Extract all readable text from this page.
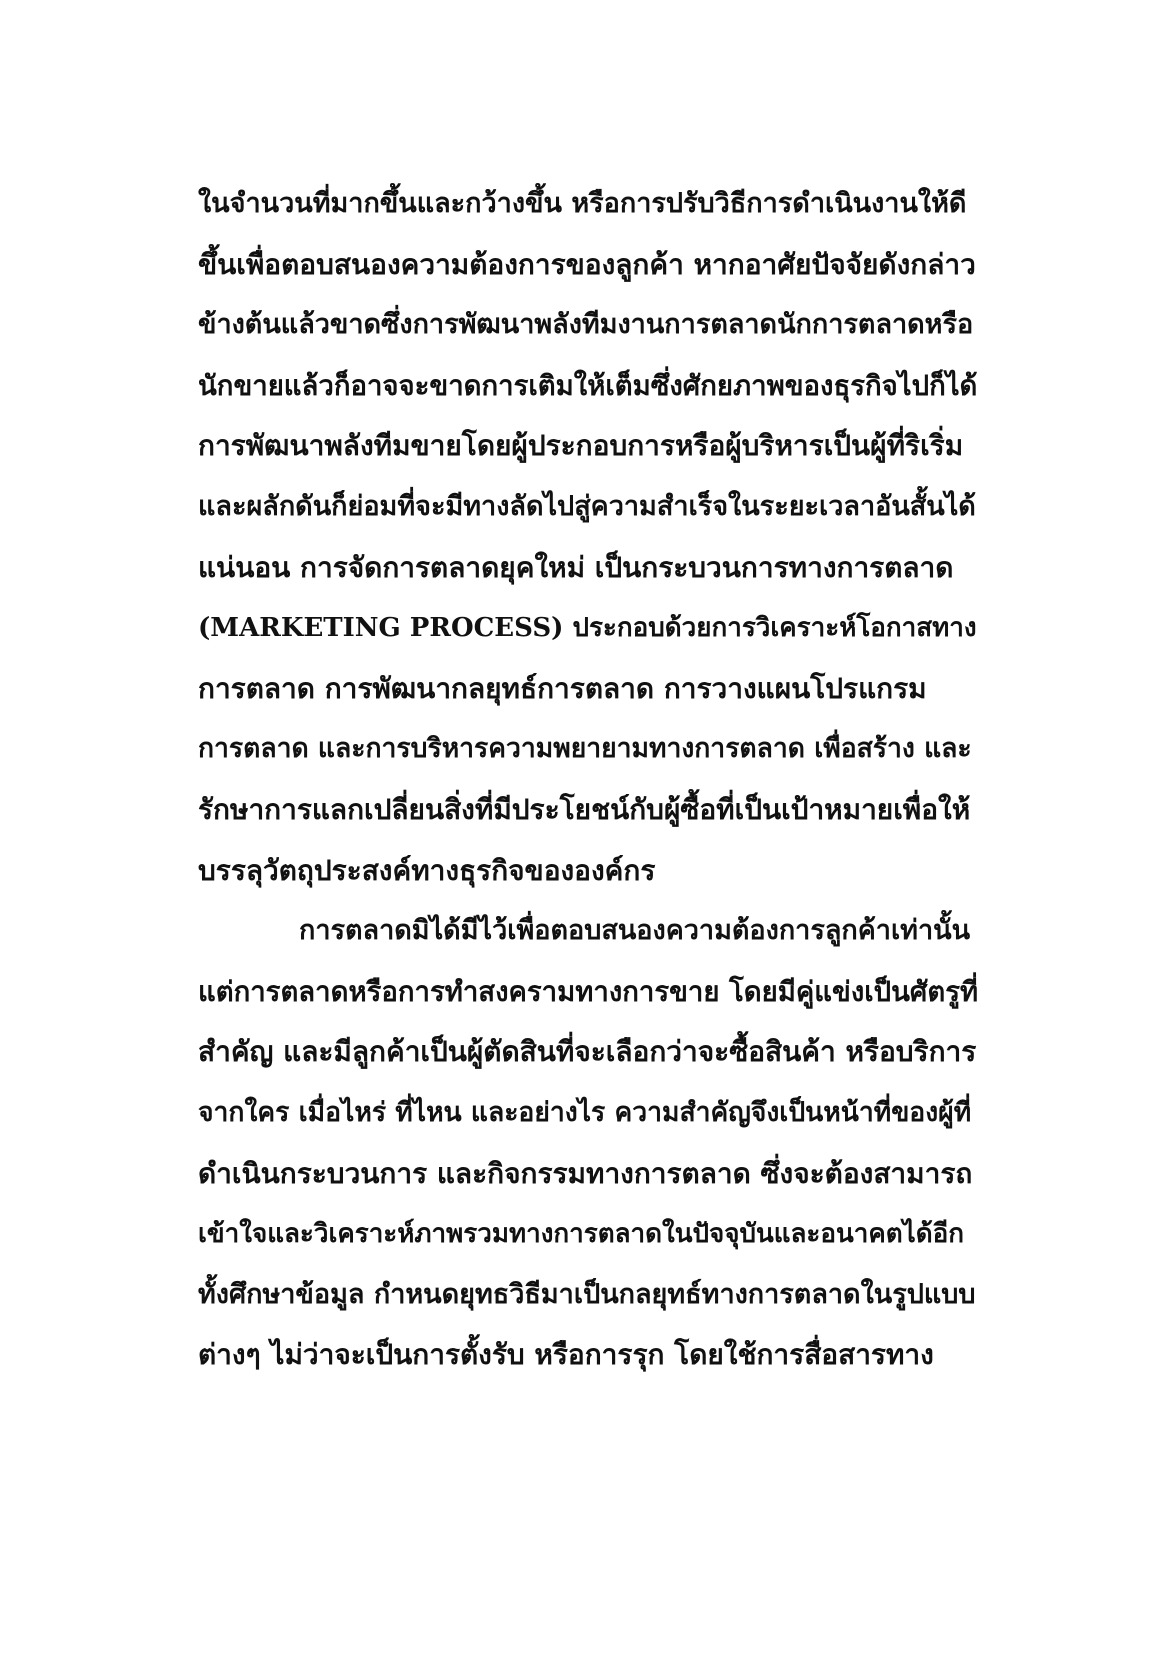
ในจำนวนที่มากขึ้นและกว้างขึ้น หรือการปรับวิธีการดำเนินงานให้ดี
ขึ้นเพื่อตอบสนองความต้องการของลูกค้า หากอาศัยปัจจัยดังกล่าว
ข้างต้นแล้วขาดซึ่งการพัฒนาพลังทีมงานการตลาดนักการตลาดหรือ
นักขายแล้วก็อาจจะขาดการเติมให้เต็มซึ่งศักยภาพของธุรกิจไปก็ได้
การพัฒนาพลังทีมขายโดยผู้ประกอบการหรือผู้บริหารเป็นผู้ที่ริเริ่ม
และผลักดันก็ย่อมที่จะมีทางลัดไปสู่ความสำเร็จในระยะเวลาอันสั้นได้
แน่นอน การจัดการตลาดยุคใหม่ เป็นกระบวนการทางการตลาด
(MARKETING PROCESS) ประกอบด้วยการวิเคราะห์โอกาสทาง
การตลาด การพัฒนากลยุทธ์การตลาด การวางแผนโปรแกรม
การตลาด และการบริหารความพยายามทางการตลาด เพื่อสร้าง และ
รักษาการแลกเปลี่ยนสิ่งที่มีประโยชน์กับผู้ซื้อที่เป็นเป้าหมายเพื่อให้
บรรลุวัตถุประสงค์ทางธุรกิจขององค์กร
การตลาดมิได้มีไว้เพื่อตอบสนองความต้องการลูกค้าเท่านั้น
แต่การตลาดหรือการทำสงครามทางการขาย โดยมีคู่แข่งเป็นศัตรูที่
สำคัญ และมีลูกค้าเป็นผู้ตัดสินที่จะเลือกว่าจะซื้อสินค้า หรือบริการ
จากใคร เมื่อไหร่ ที่ไหน และอย่างไร ความสำคัญจึงเป็นหน้าที่ของผู้ที่
ดำเนินกระบวนการ และกิจกรรมทางการตลาด ซึ่งจะต้องสามารถ
เข้าใจและวิเคราะห์ภาพรวมทางการตลาดในปัจจุบันและอนาคตได้อีก
ทั้งศึกษาข้อมูล กำหนดยุทธวิธีมาเป็นกลยุทธ์ทางการตลาดในรูปแบบ
ต่างๆ ไม่ว่าจะเป็นการตั้งรับ หรือการรุก โดยใช้การสื่อสารทาง
